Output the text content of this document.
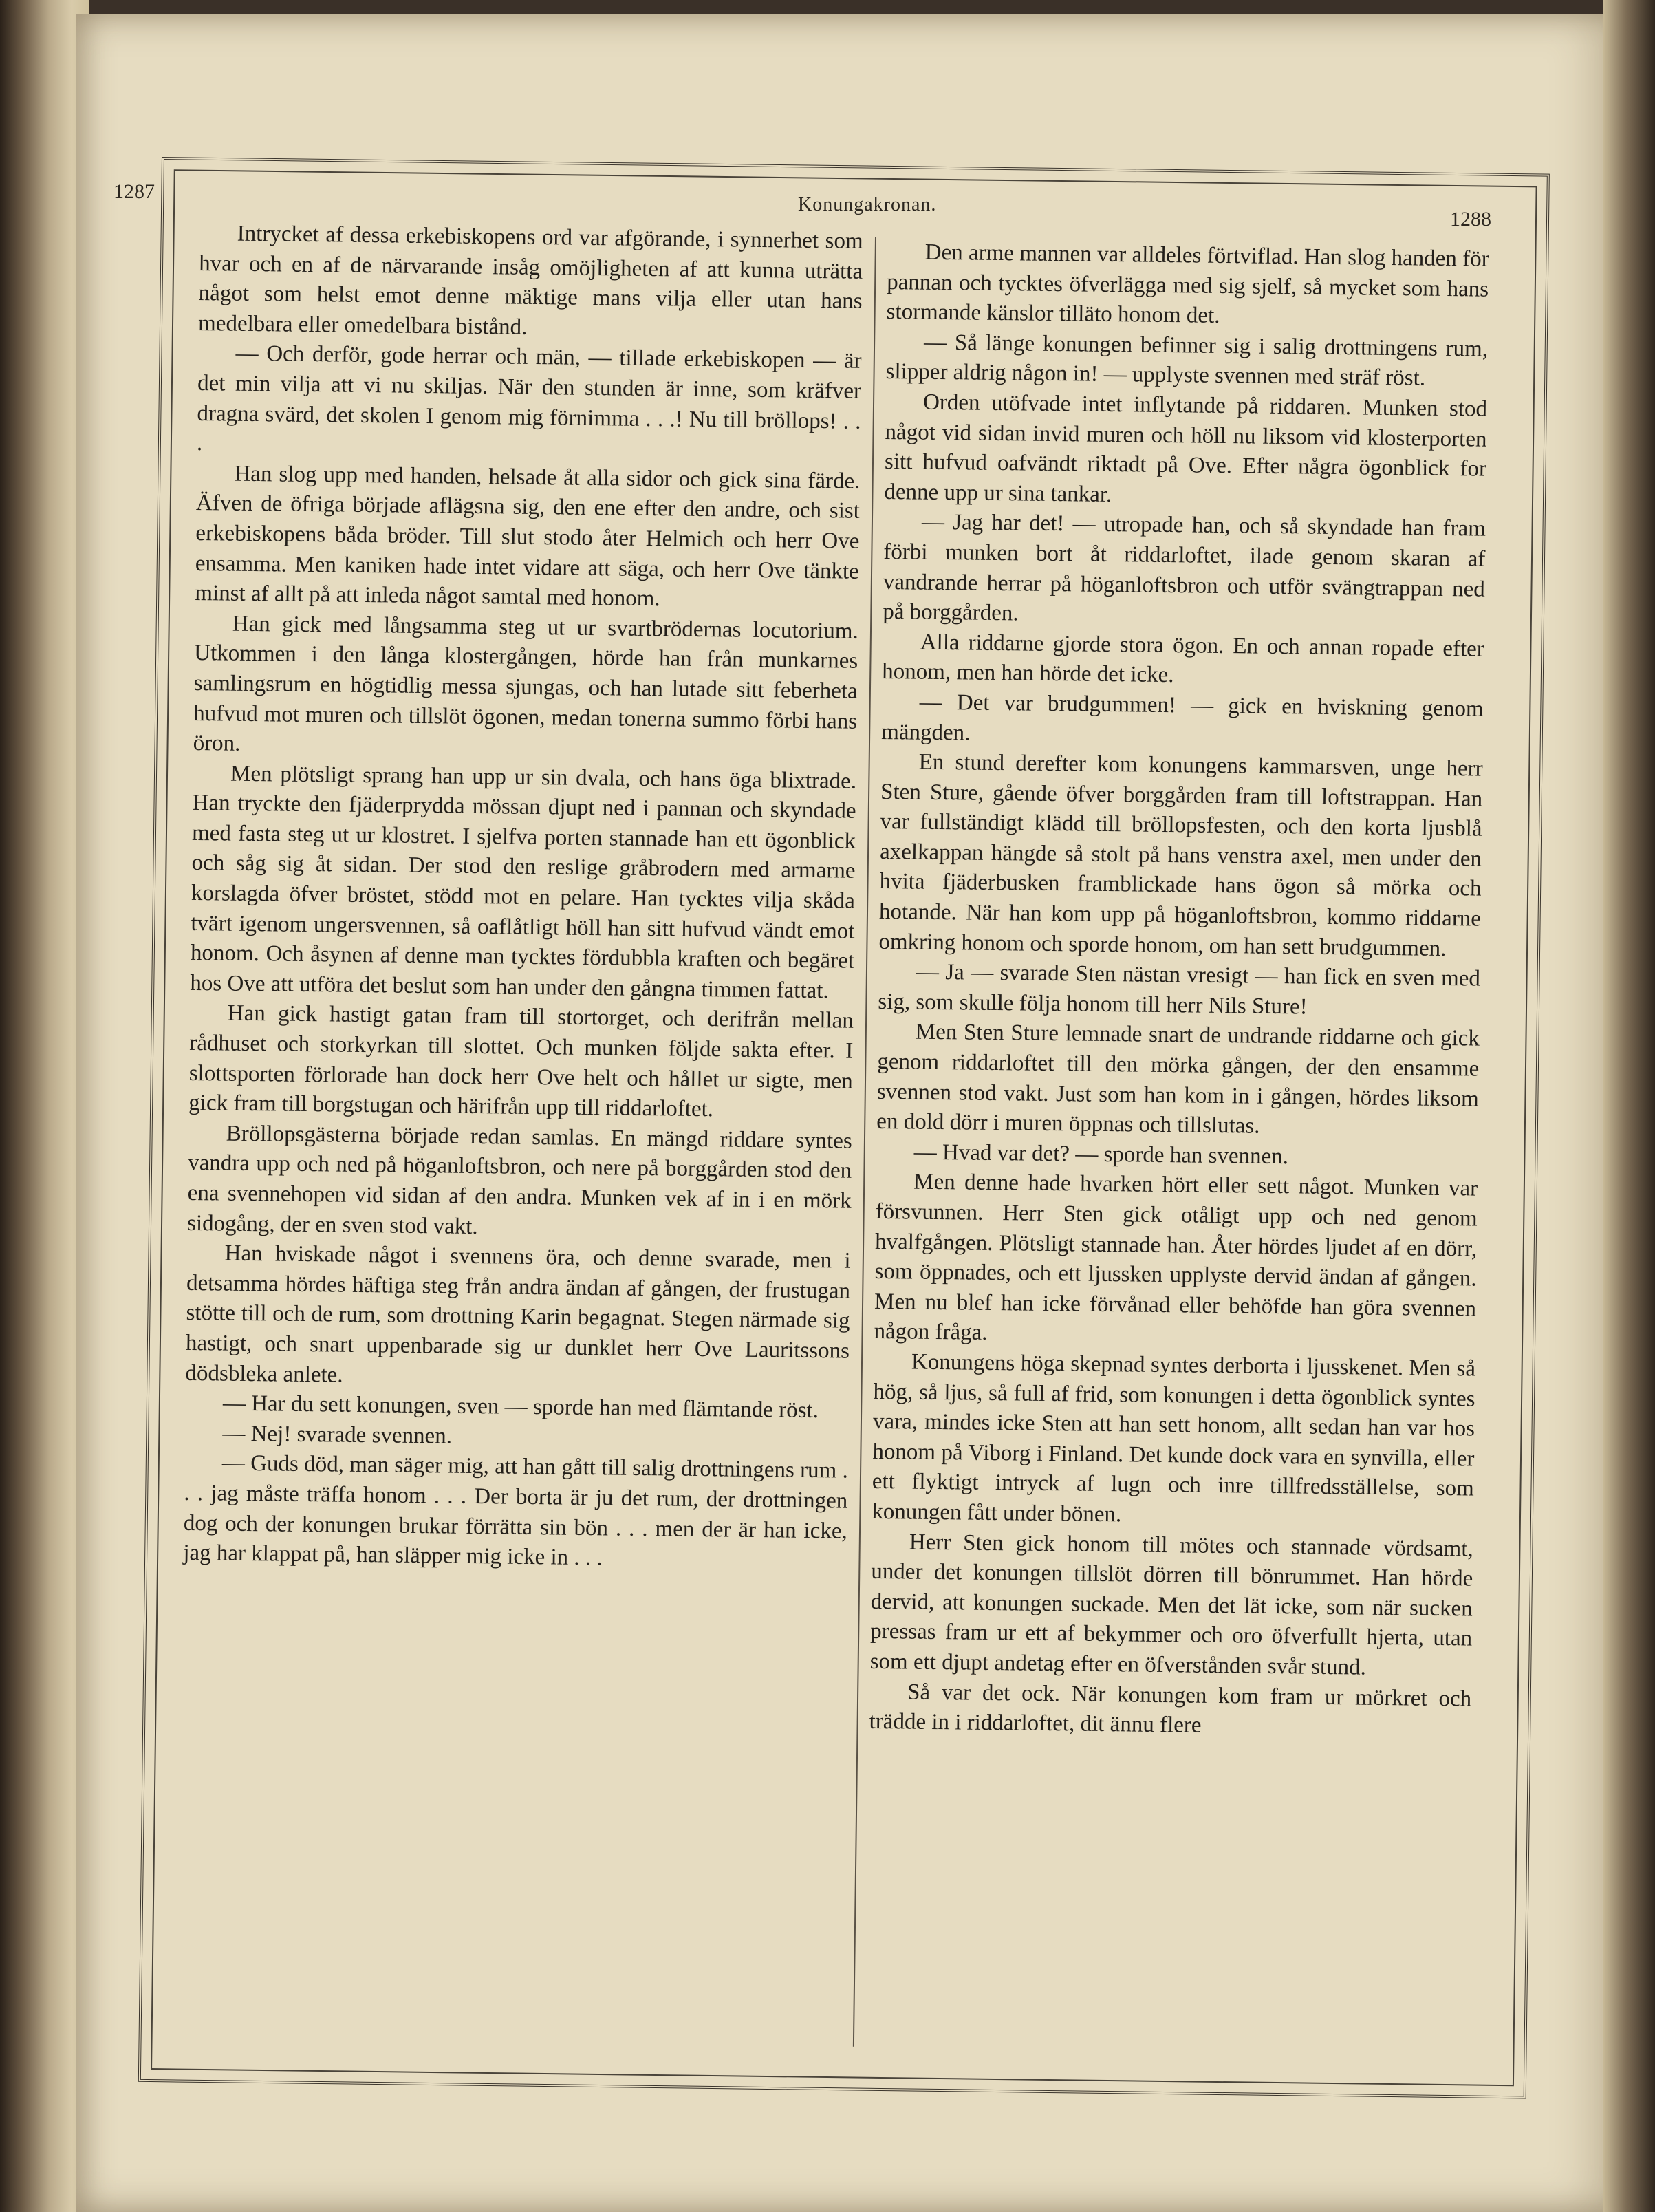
1287
Konungakronan.
1288

Intrycket af dessa erkebiskopens ord var afgörande, i synnerhet som hvar och en af de närvarande insåg omöjligheten af att kunna uträtta något som helst emot denne mäktige mans vilja eller utan hans medelbara eller omedelbara bistånd.

— Och derför, gode herrar och män, — tillade erkebiskopen — är det min vilja att vi nu skiljas. När den stunden är inne, som kräfver dragna svärd, det skolen I genom mig förnimma . . .! Nu till bröllops! . . .

Han slog upp med handen, helsade åt alla sidor och gick sina färde. Äfven de öfriga började aflägsna sig, den ene efter den andre, och sist erkebiskopens båda bröder. Till slut stodo åter Helmich och herr Ove ensamma. Men kaniken hade intet vidare att säga, och herr Ove tänkte minst af allt på att inleda något samtal med honom.

Han gick med långsamma steg ut ur svartbrödernas locutorium. Utkommen i den långa klostergången, hörde han från munkarnes samlingsrum en högtidlig messa sjungas, och han lutade sitt feberheta hufvud mot muren och tillslöt ögonen, medan tonerna summo förbi hans öron.

Men plötsligt sprang han upp ur sin dvala, och hans öga blixtrade. Han tryckte den fjäderprydda mössan djupt ned i pannan och skyndade med fasta steg ut ur klostret. I sjelfva porten stannade han ett ögonblick och såg sig åt sidan. Der stod den reslige gråbrodern med armarne korslagda öfver bröstet, stödd mot en pelare. Han tycktes vilja skåda tvärt igenom ungersvennen, så oaflåtligt höll han sitt hufvud vändt emot honom. Och åsynen af denne man tycktes fördubbla kraften och begäret hos Ove att utföra det beslut som han under den gångna timmen fattat.

Han gick hastigt gatan fram till stortorget, och derifrån mellan rådhuset och storkyrkan till slottet. Och munken följde sakta efter. I slottsporten förlorade han dock herr Ove helt och hållet ur sigte, men gick fram till borgstugan och härifrån upp till riddarloftet.

Bröllopsgästerna började redan samlas. En mängd riddare syntes vandra upp och ned på höganloftsbron, och nere på borggården stod den ena svennehopen vid sidan af den andra. Munken vek af in i en mörk sidogång, der en sven stod vakt.

Han hviskade något i svennens öra, och denne svarade, men i detsamma hördes häftiga steg från andra ändan af gången, der frustugan stötte till och de rum, som drottning Karin begagnat. Stegen närmade sig hastigt, och snart uppenbarade sig ur dunklet herr Ove Lauritssons dödsbleka anlete.

— Har du sett konungen, sven — sporde han med flämtande röst.

— Nej! svarade svennen.

— Guds död, man säger mig, att han gått till salig drottningens rum . . . jag måste träffa honom . . . Der borta är ju det rum, der drottningen dog och der konungen brukar förrätta sin bön . . . men der är han icke, jag har klappat på, han släpper mig icke in . . .

Den arme mannen var alldeles förtviflad. Han slog handen för pannan och tycktes öfverlägga med sig sjelf, så mycket som hans stormande känslor tilläto honom det.

— Så länge konungen befinner sig i salig drottningens rum, slipper aldrig någon in! — upplyste svennen med sträf röst.

Orden utöfvade intet inflytande på riddaren. Munken stod något vid sidan invid muren och höll nu liksom vid klosterporten sitt hufvud oafvändt riktadt på Ove. Efter några ögonblick for denne upp ur sina tankar.

— Jag har det! — utropade han, och så skyndade han fram förbi munken bort åt riddarloftet, ilade genom skaran af vandrande herrar på höganloftsbron och utför svängtrappan ned på borggården.

Alla riddarne gjorde stora ögon. En och annan ropade efter honom, men han hörde det icke.

— Det var brudgummen! — gick en hviskning genom mängden.

En stund derefter kom konungens kammarsven, unge herr Sten Sture, gående öfver borggården fram till loftstrappan. Han var fullständigt klädd till bröllopsfesten, och den korta ljusblå axelkappan hängde så stolt på hans venstra axel, men under den hvita fjäderbusken framblickade hans ögon så mörka och hotande. När han kom upp på höganloftsbron, kommo riddarne omkring honom och sporde honom, om han sett brudgummen.

— Ja — svarade Sten nästan vresigt — han fick en sven med sig, som skulle följa honom till herr Nils Sture!

Men Sten Sture lemnade snart de undrande riddarne och gick genom riddarloftet till den mörka gången, der den ensamme svennen stod vakt. Just som han kom in i gången, hördes liksom en dold dörr i muren öppnas och tillslutas.

— Hvad var det? — sporde han svennen.

Men denne hade hvarken hört eller sett något. Munken var försvunnen. Herr Sten gick otåligt upp och ned genom hvalfgången. Plötsligt stannade han. Åter hördes ljudet af en dörr, som öppnades, och ett ljussken upplyste dervid ändan af gången. Men nu blef han icke förvånad eller behöfde han göra svennen någon fråga.

Konungens höga skepnad syntes derborta i ljusskenet. Men så hög, så ljus, så full af frid, som konungen i detta ögonblick syntes vara, mindes icke Sten att han sett honom, allt sedan han var hos honom på Viborg i Finland. Det kunde dock vara en synvilla, eller ett flyktigt intryck af lugn och inre tillfredsställelse, som konungen fått under bönen.

Herr Sten gick honom till mötes och stannade vördsamt, under det konungen tillslöt dörren till bönrummet. Han hörde dervid, att konungen suckade. Men det lät icke, som när sucken pressas fram ur ett af bekymmer och oro öfverfullt hjerta, utan som ett djupt andetag efter en öfverstånden svår stund.

Så var det ock. När konungen kom fram ur mörkret och trädde in i riddarloftet, dit ännu flere
